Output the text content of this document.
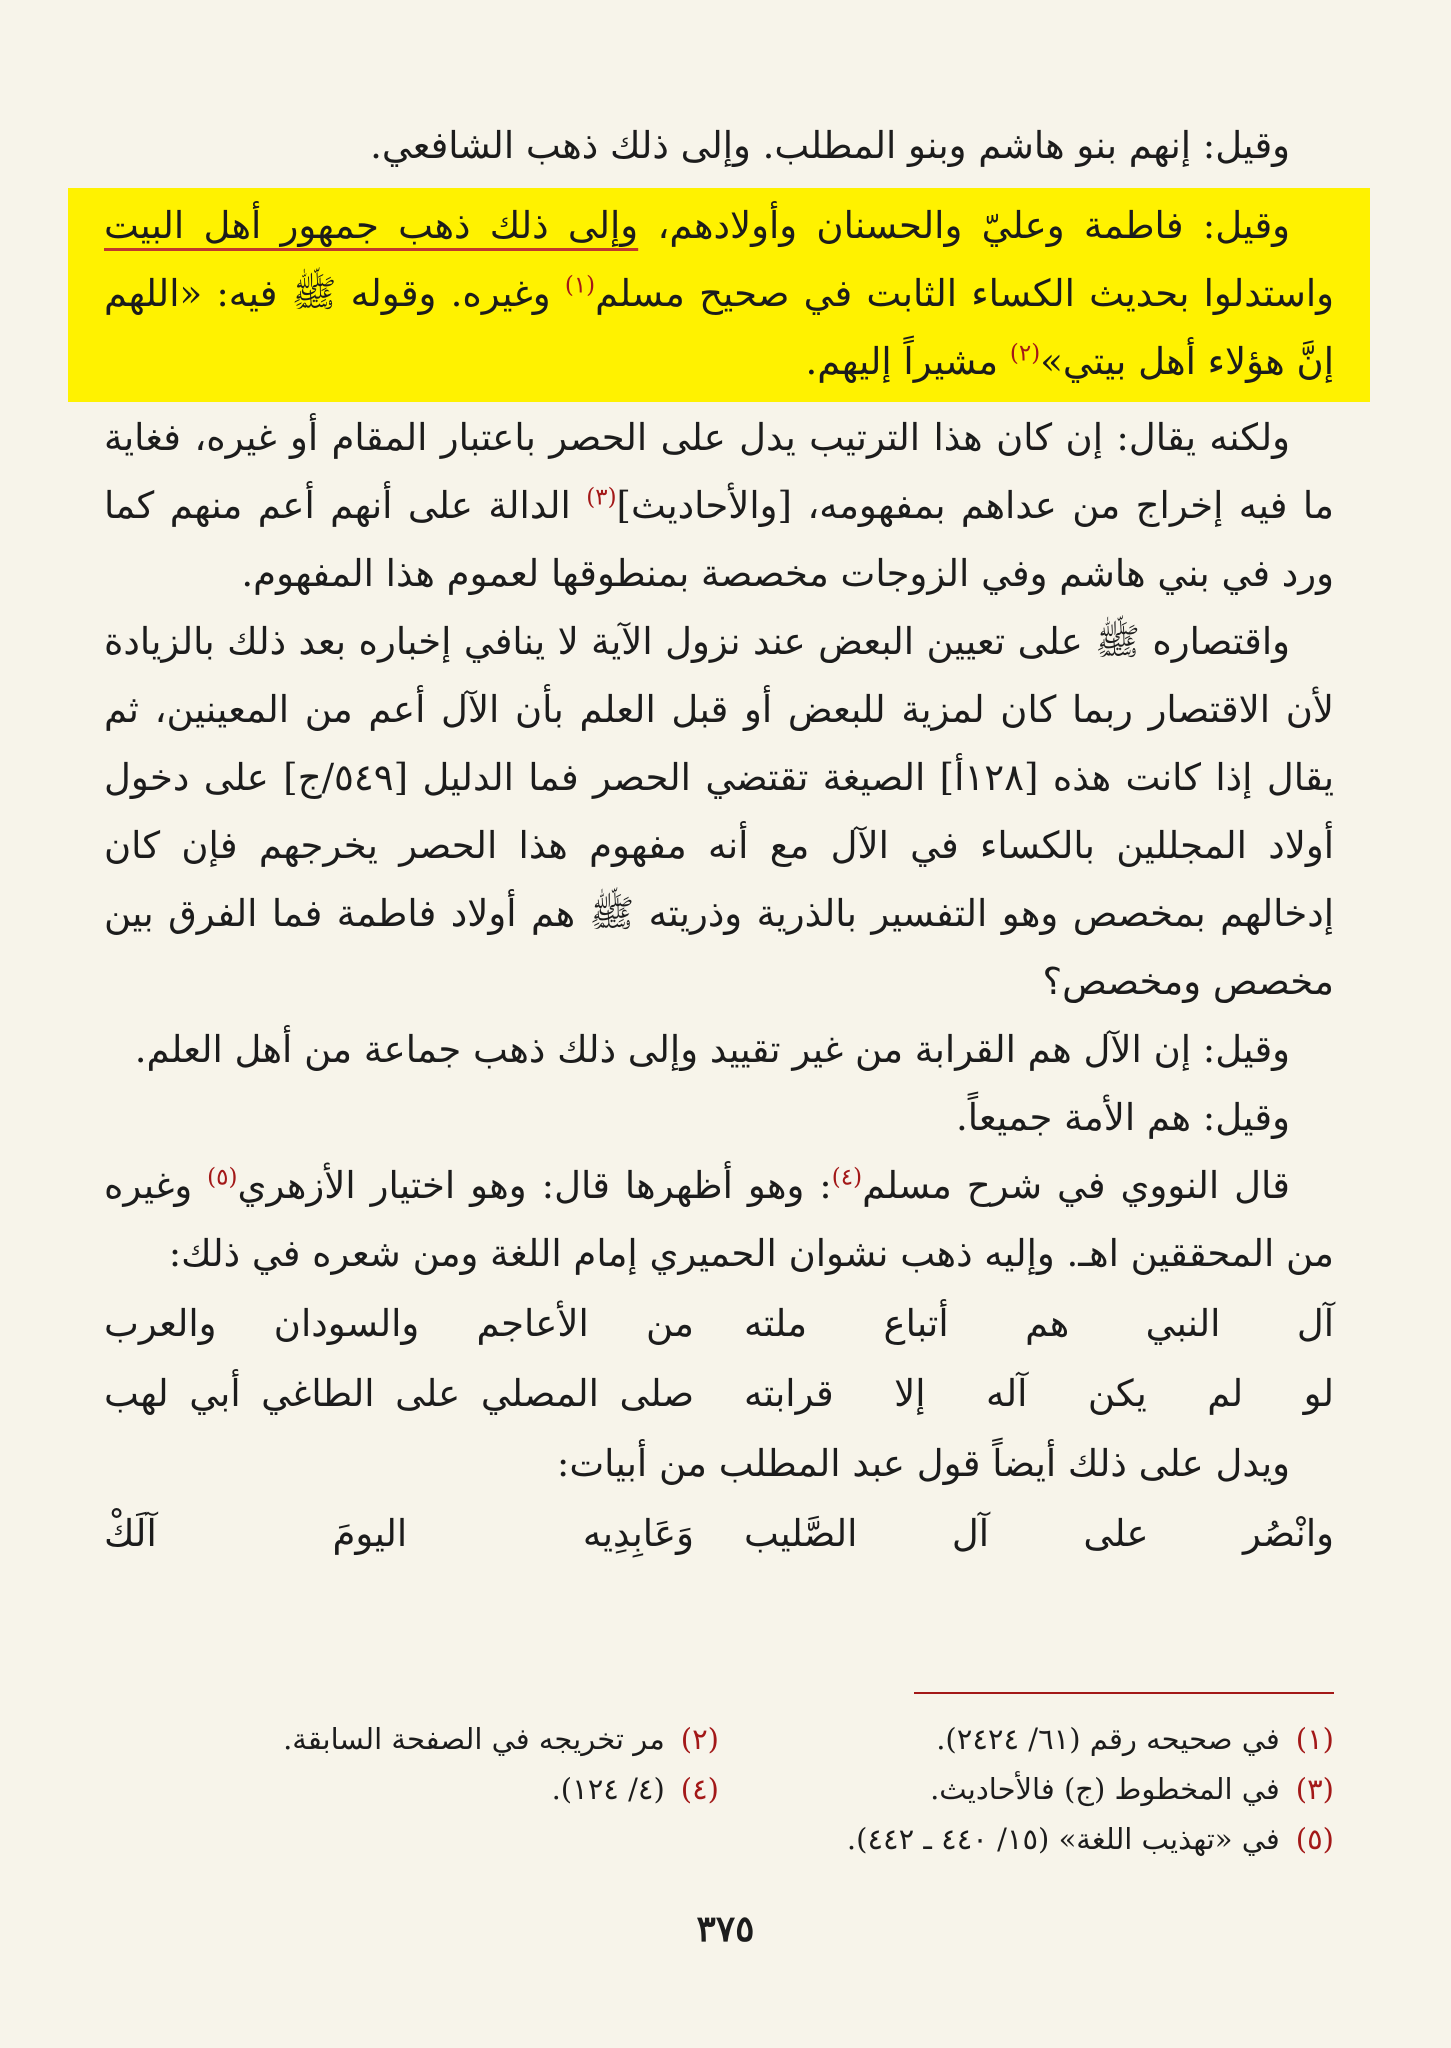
وقيل: إنهم بنو هاشم وبنو المطلب. وإلى ذلك ذهب الشافعي.

وقيل: فاطمة وعليّ والحسنان وأولادهم، وإلى ذلك ذهب جمهور أهل البيت واستدلوا بحديث الكساء الثابت في صحيح مسلم$^{(١)}$ وغيره. وقوله ﷺ فيه: «اللهم إنَّ هؤلاء أهل بيتي»$^{(٢)}$ مشيراً إليهم.

ولكنه يقال: إن كان هذا الترتيب يدل على الحصر باعتبار المقام أو غيره، فغاية ما فيه إخراج من عداهم بمفهومه، [والأحاديث]$^{(٣)}$ الدالة على أنهم أعم منهم كما ورد في بني هاشم وفي الزوجات مخصصة بمنطوقها لعموم هذا المفهوم.

واقتصاره ﷺ على تعيين البعض عند نزول الآية لا ينافي إخباره بعد ذلك بالزيادة لأن الاقتصار ربما كان لمزية للبعض أو قبل العلم بأن الآل أعم من المعينين، ثم يقال إذا كانت هذه [١٢٨أ] الصيغة تقتضي الحصر فما الدليل [٥٤٩/ج] على دخول أولاد المجللين بالكساء في الآل مع أنه مفهوم هذا الحصر يخرجهم فإن كان إدخالهم بمخصص وهو التفسير بالذرية وذريته ﷺ هم أولاد فاطمة فما الفرق بين مخصص ومخصص؟

وقيل: إن الآل هم القرابة من غير تقييد وإلى ذلك ذهب جماعة من أهل العلم.

وقيل: هم الأمة جميعاً.

قال النووي في شرح مسلم$^{(٤)}$: وهو أظهرها قال: وهو اختيار الأزهري$^{(٥)}$ وغيره من المحققين اهـ. وإليه ذهب نشوان الحميري إمام اللغة ومن شعره في ذلك:

آل النبي هم أتباع ملته
من الأعاجم والسودان والعرب
لو لم يكن آله إلا قرابته
صلى المصلي على الطاغي أبي لهب

ويدل على ذلك أيضاً قول عبد المطلب من أبيات:

وانْصُر على آل الصَّليب
وَعَابِدِيه اليومَ آلَكْ
(١)في صحيحه رقم (٦١/ ٢٤٢٤).
(٢)مر تخريجه في الصفحة السابقة.
(٣)في المخطوط (ج) فالأحاديث.
(٤)(٤/ ١٢٤).
(٥)في «تهذيب اللغة» (١٥/ ٤٤٠ ـ ٤٤٢).
٣٧٥
